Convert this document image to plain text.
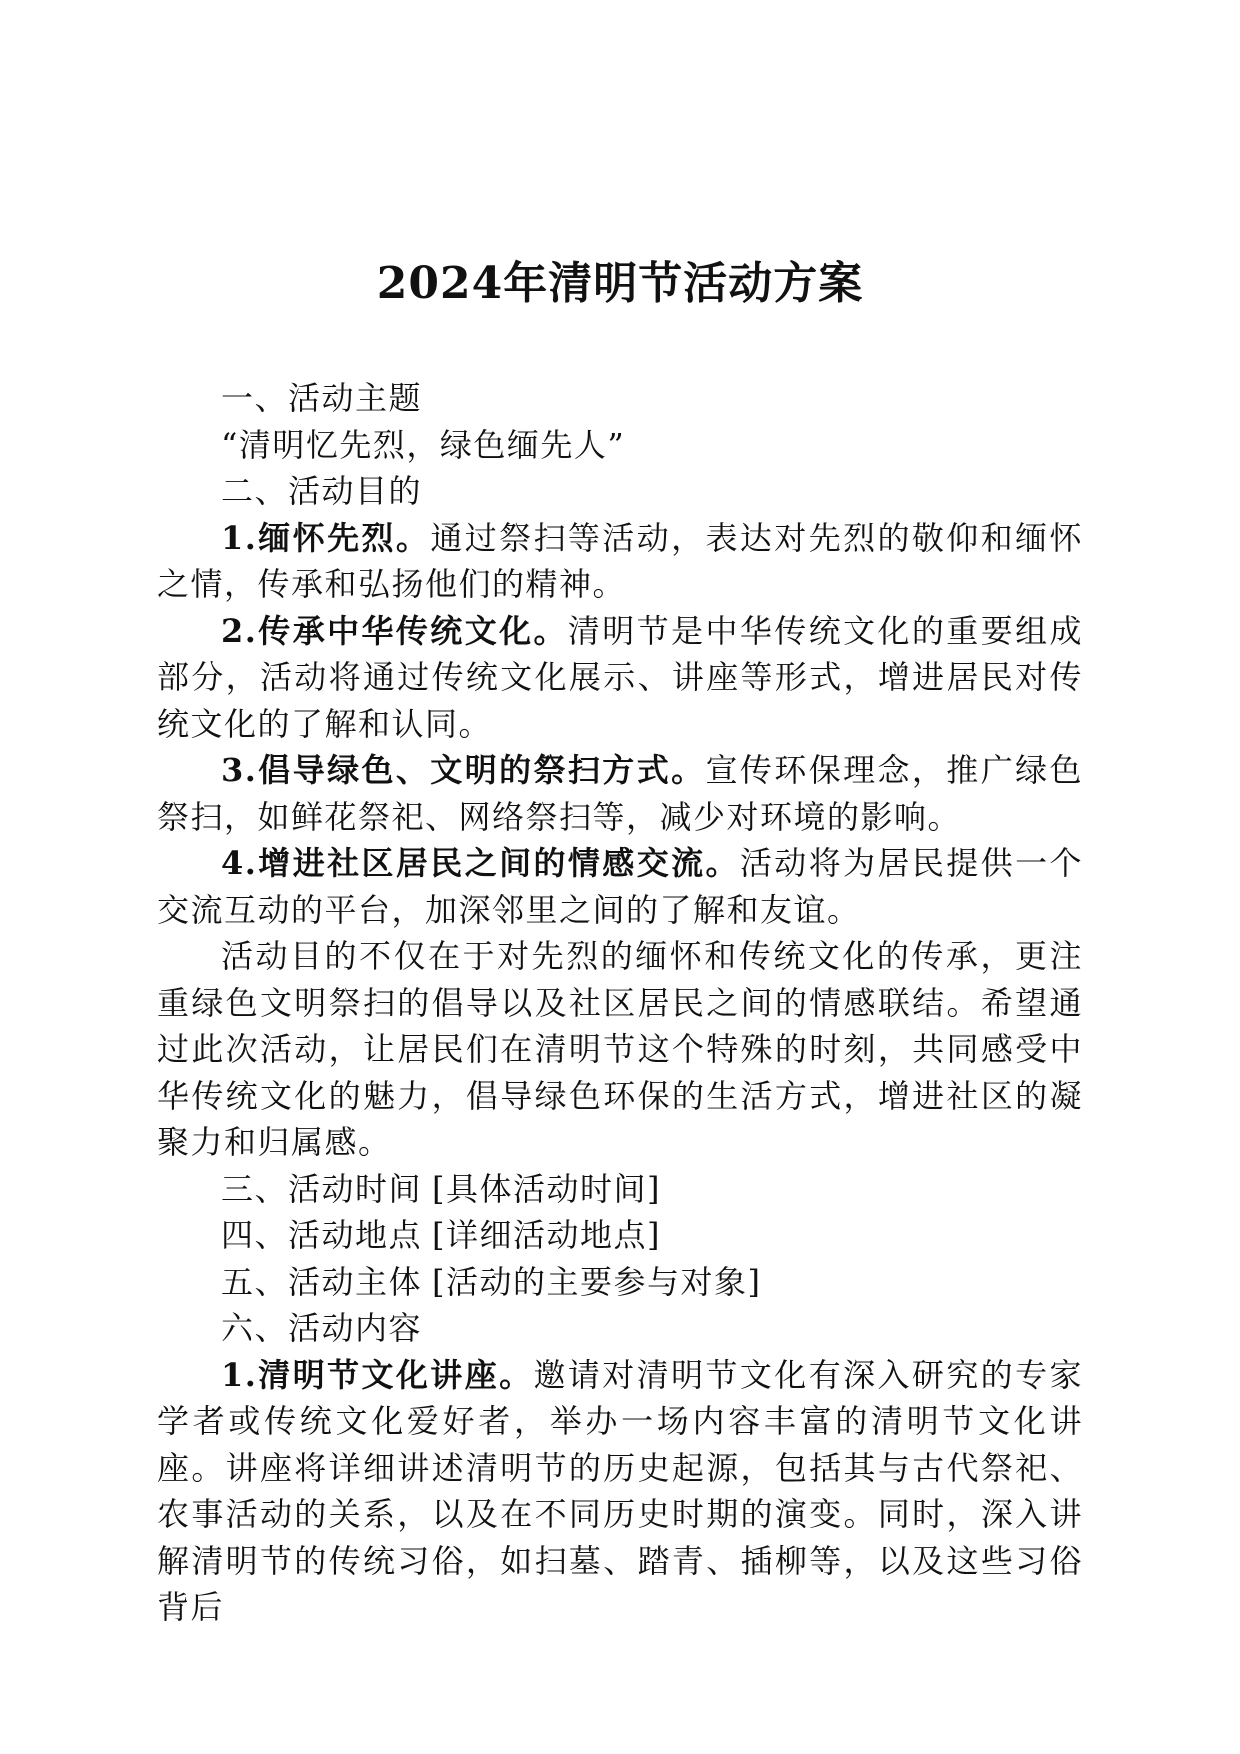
2024年清明节活动方案

一、活动主题

“清明忆先烈，绿色缅先人”

二、活动目的

1.缅怀先烈。通过祭扫等活动，表达对先烈的敬仰和缅怀之情，传承和弘扬他们的精神。

2.传承中华传统文化。清明节是中华传统文化的重要组成部分，活动将通过传统文化展示、讲座等形式，增进居民对传统文化的了解和认同。

3.倡导绿色、文明的祭扫方式。宣传环保理念，推广绿色祭扫，如鲜花祭祀、网络祭扫等，减少对环境的影响。

4.增进社区居民之间的情感交流。活动将为居民提供一个交流互动的平台，加深邻里之间的了解和友谊。

活动目的不仅在于对先烈的缅怀和传统文化的传承，更注重绿色文明祭扫的倡导以及社区居民之间的情感联结。希望通过此次活动，让居民们在清明节这个特殊的时刻，共同感受中华传统文化的魅力，倡导绿色环保的生活方式，增进社区的凝聚力和归属感。

三、活动时间 [具体活动时间]

四、活动地点 [详细活动地点]

五、活动主体 [活动的主要参与对象]

六、活动内容

1.清明节文化讲座。邀请对清明节文化有深入研究的专家学者或传统文化爱好者，举办一场内容丰富的清明节文化讲座。讲座将详细讲述清明节的历史起源，包括其与古代祭祀、农事活动的关系，以及在不同历史时期的演变。同时，深入讲解清明节的传统习俗，如扫墓、踏青、插柳等，以及这些习俗背后
